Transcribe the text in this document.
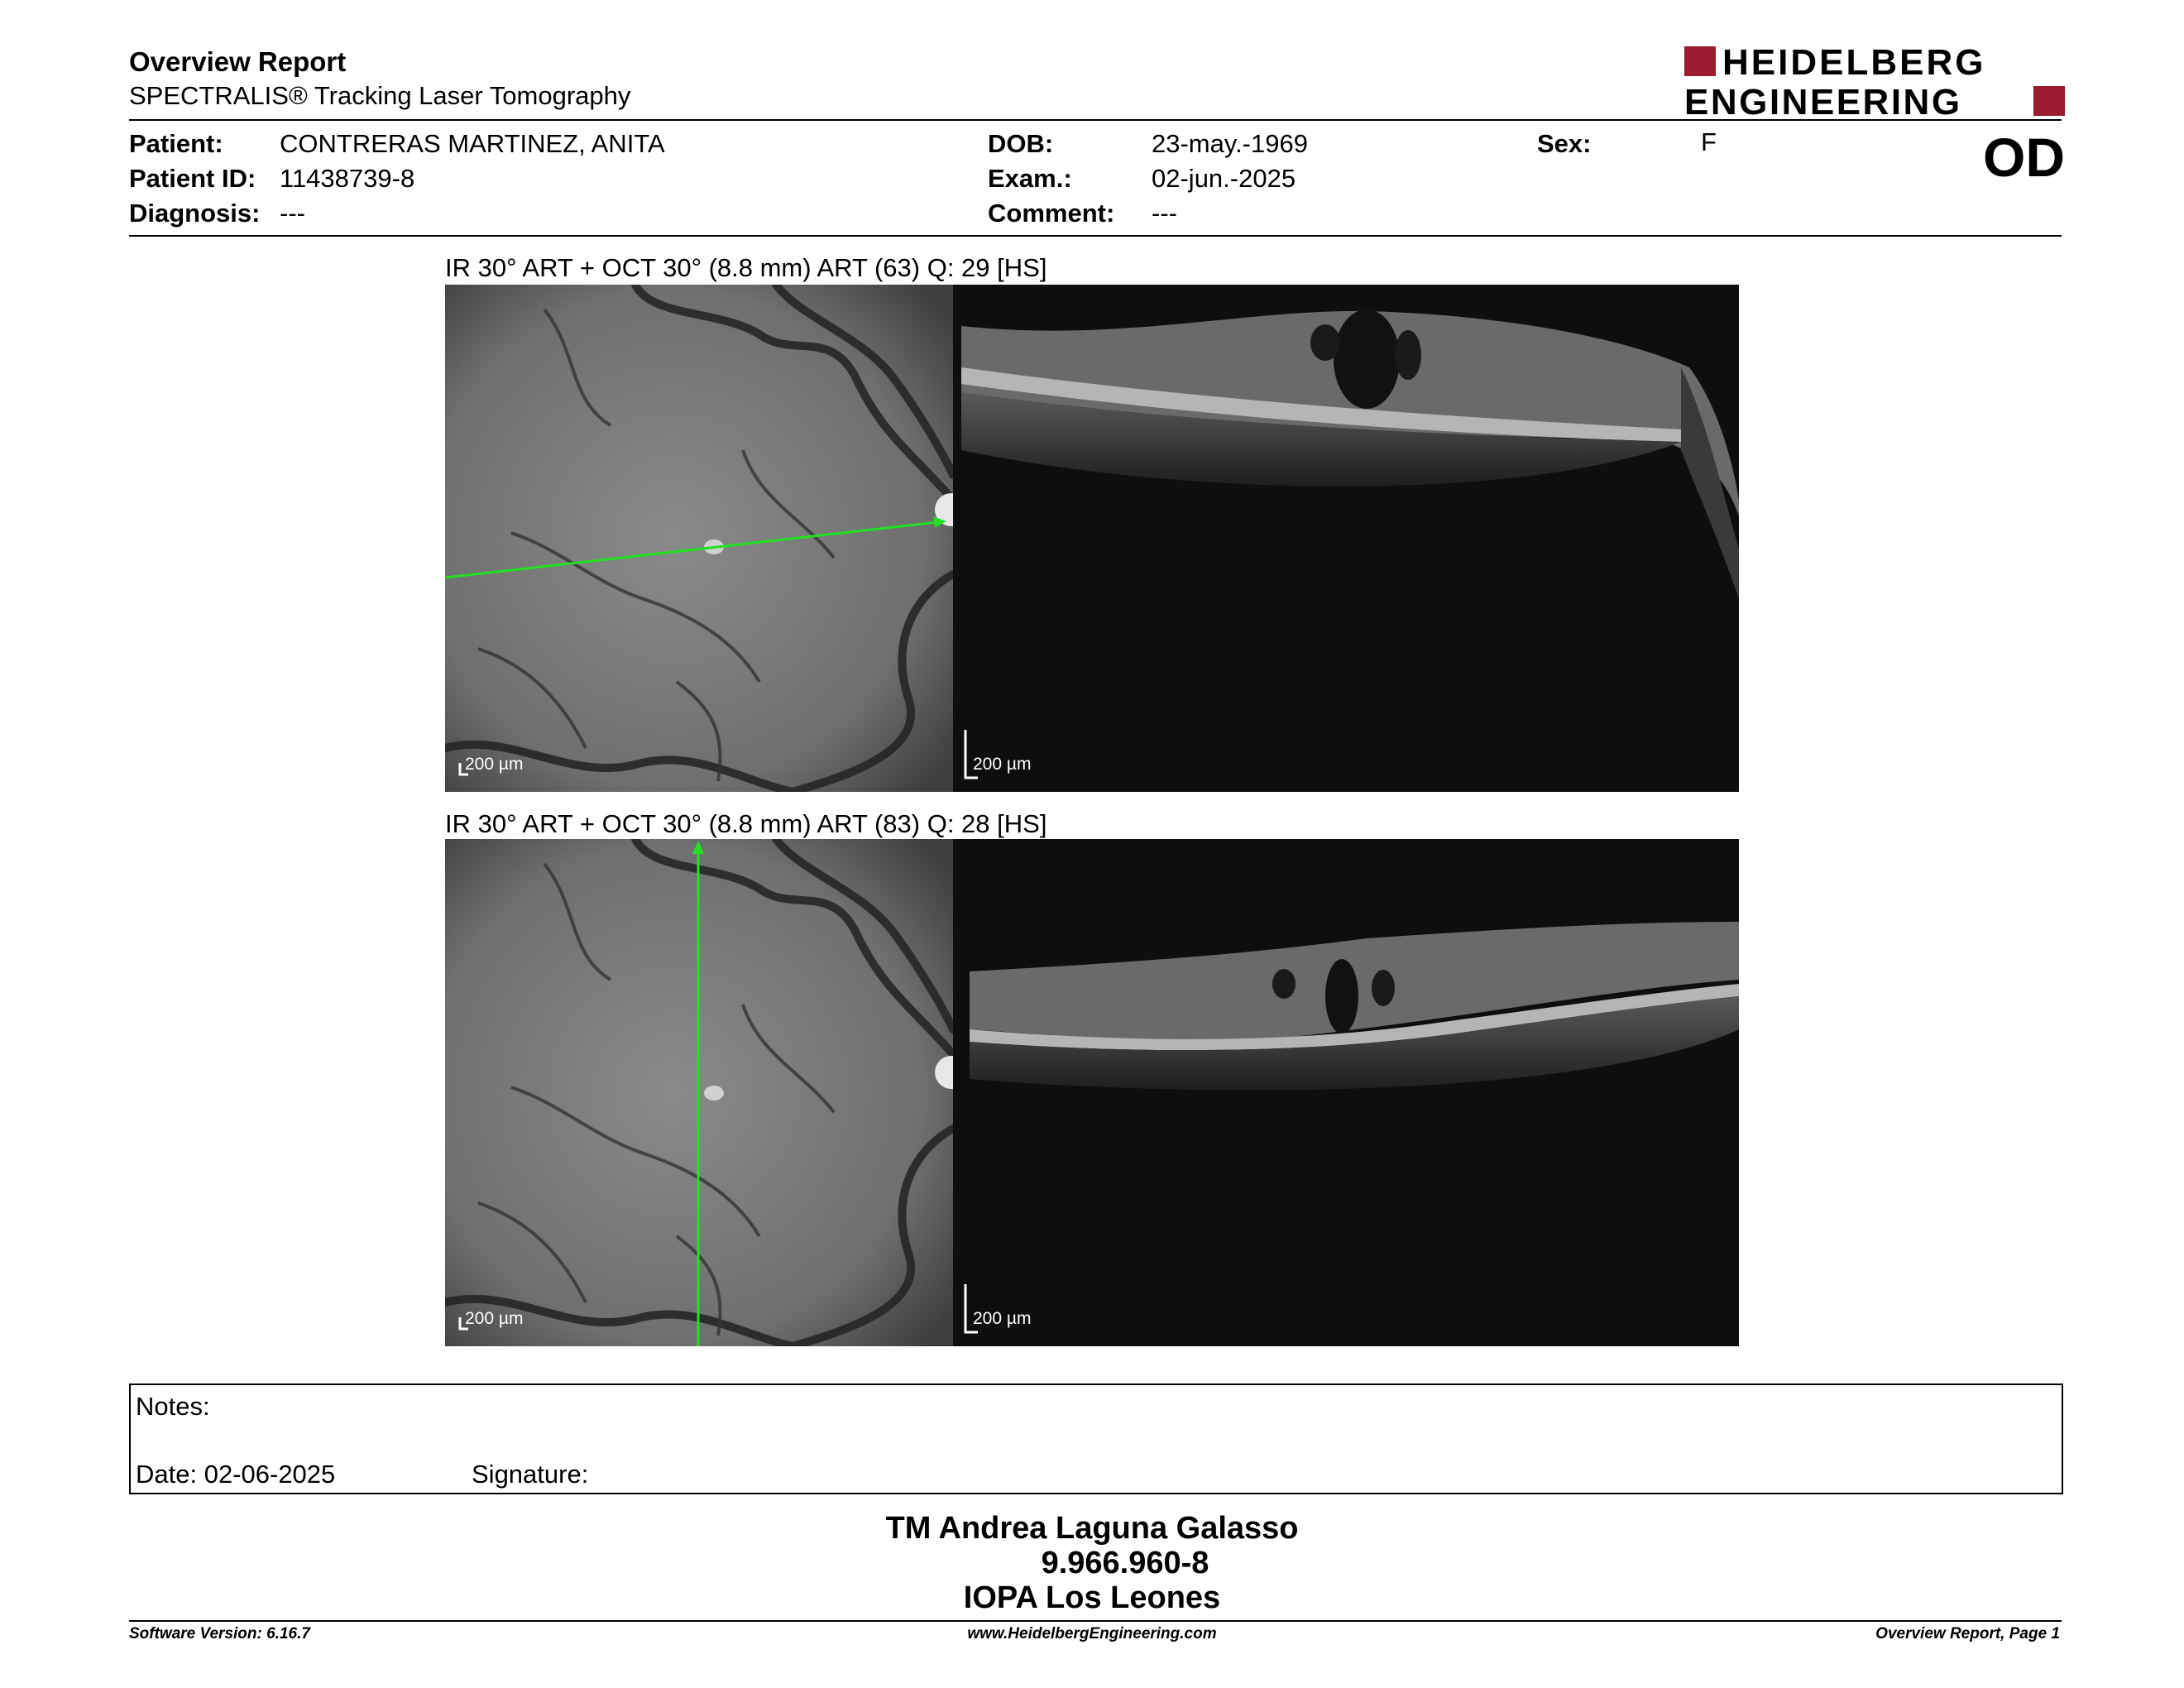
Overview Report
SPECTRALIS® Tracking Laser Tomography
HEIDELBERG
ENGINEERING
Patient: CONTRERAS MARTINEZ, ANITA
Patient ID: 11438739-8
Diagnosis: ---
DOB:	23-may.-1969
Exam.:	02-jun.-2025
Comment: ---
Sex:	F	OD
IR 30° ART + OCT 30° (8.8 mm) ART (63) Q: 29 [HS]
200 µm	200 µm
IR 30° ART + OCT 30° (8.8 mm) ART (83) Q: 28 [HS]
200 µm	200 µm
Notes:
Date: 02-06-2025	Signature:
TM Andrea Laguna Galasso
9.966.960-8
IOPA Los Leones
Software Version: 6.16.7	www.HeidelbergEngineering.com	Overview Report, Page 1
